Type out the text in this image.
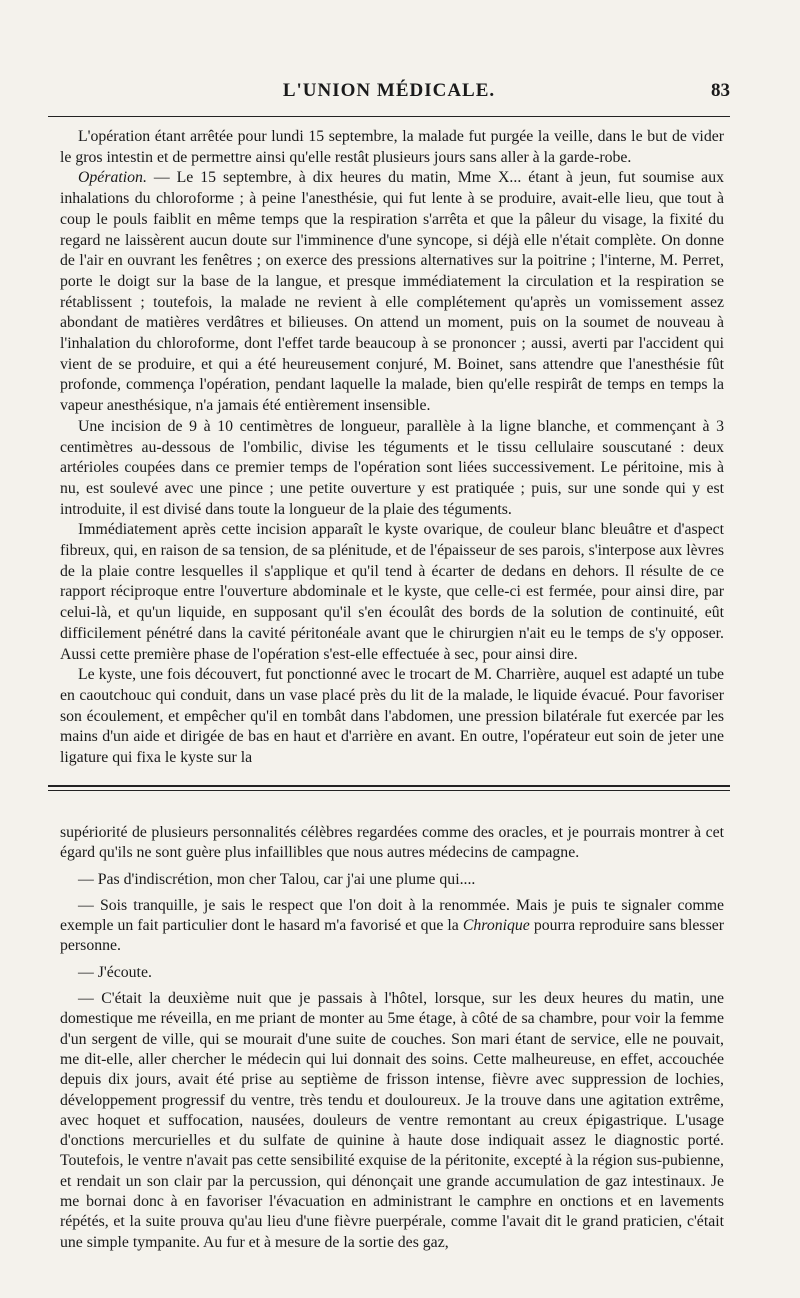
L'UNION MÉDICALE.	83

L'opération étant arrêtée pour lundi 15 septembre, la malade fut purgée la veille, dans le but de vider le gros intestin et de permettre ainsi qu'elle restât plusieurs jours sans aller à la garde-robe.

Opération. — Le 15 septembre, à dix heures du matin, Mme X... étant à jeun, fut soumise aux inhalations du chloroforme ; à peine l'anesthésie, qui fut lente à se produire, avait-elle lieu, que tout à coup le pouls faiblit en même temps que la respiration s'arrêta et que la pâleur du visage, la fixité du regard ne laissèrent aucun doute sur l'imminence d'une syncope, si déjà elle n'était complète. On donne de l'air en ouvrant les fenêtres ; on exerce des pressions alternatives sur la poitrine ; l'interne, M. Perret, porte le doigt sur la base de la langue, et presque immédiatement la circulation et la respiration se rétablissent ; toutefois, la malade ne revient à elle complétement qu'après un vomissement assez abondant de matières verdâtres et bilieuses. On attend un moment, puis on la soumet de nouveau à l'inhalation du chloroforme, dont l'effet tarde beaucoup à se prononcer ; aussi, averti par l'accident qui vient de se produire, et qui a été heureusement conjuré, M. Boinet, sans attendre que l'anesthésie fût profonde, commença l'opération, pendant laquelle la malade, bien qu'elle respirât de temps en temps la vapeur anesthésique, n'a jamais été entièrement insensible.

Une incision de 9 à 10 centimètres de longueur, parallèle à la ligne blanche, et commençant à 3 centimètres au-dessous de l'ombilic, divise les téguments et le tissu cellulaire souscutané : deux artérioles coupées dans ce premier temps de l'opération sont liées successivement. Le péritoine, mis à nu, est soulevé avec une pince ; une petite ouverture y est pratiquée ; puis, sur une sonde qui y est introduite, il est divisé dans toute la longueur de la plaie des téguments.

Immédiatement après cette incision apparaît le kyste ovarique, de couleur blanc bleuâtre et d'aspect fibreux, qui, en raison de sa tension, de sa plénitude, et de l'épaisseur de ses parois, s'interpose aux lèvres de la plaie contre lesquelles il s'applique et qu'il tend à écarter de dedans en dehors. Il résulte de ce rapport réciproque entre l'ouverture abdominale et le kyste, que celle-ci est fermée, pour ainsi dire, par celui-là, et qu'un liquide, en supposant qu'il s'en écoulât des bords de la solution de continuité, eût difficilement pénétré dans la cavité péritonéale avant que le chirurgien n'ait eu le temps de s'y opposer. Aussi cette première phase de l'opération s'est-elle effectuée à sec, pour ainsi dire.

Le kyste, une fois découvert, fut ponctionné avec le trocart de M. Charrière, auquel est adapté un tube en caoutchouc qui conduit, dans un vase placé près du lit de la malade, le liquide évacué. Pour favoriser son écoulement, et empêcher qu'il en tombât dans l'abdomen, une pression bilatérale fut exercée par les mains d'un aide et dirigée de bas en haut et d'arrière en avant. En outre, l'opérateur eut soin de jeter une ligature qui fixa le kyste sur la

supériorité de plusieurs personnalités célèbres regardées comme des oracles, et je pourrais montrer à cet égard qu'ils ne sont guère plus infaillibles que nous autres médecins de campagne.

— Pas d'indiscrétion, mon cher Talou, car j'ai une plume qui....

— Sois tranquille, je sais le respect que l'on doit à la renommée. Mais je puis te signaler comme exemple un fait particulier dont le hasard m'a favorisé et que la Chronique pourra reproduire sans blesser personne.

— J'écoute.

— C'était la deuxième nuit que je passais à l'hôtel, lorsque, sur les deux heures du matin, une domestique me réveilla, en me priant de monter au 5me étage, à côté de sa chambre, pour voir la femme d'un sergent de ville, qui se mourait d'une suite de couches. Son mari étant de service, elle ne pouvait, me dit-elle, aller chercher le médecin qui lui donnait des soins. Cette malheureuse, en effet, accouchée depuis dix jours, avait été prise au septième de frisson intense, fièvre avec suppression de lochies, développement progressif du ventre, très tendu et douloureux. Je la trouve dans une agitation extrême, avec hoquet et suffocation, nausées, douleurs de ventre remontant au creux épigastrique. L'usage d'onctions mercurielles et du sulfate de quinine à haute dose indiquait assez le diagnostic porté. Toutefois, le ventre n'avait pas cette sensibilité exquise de la péritonite, excepté à la région sus-pubienne, et rendait un son clair par la percussion, qui dénonçait une grande accumulation de gaz intestinaux. Je me bornai donc à en favoriser l'évacuation en administrant le camphre en onctions et en lavements répétés, et la suite prouva qu'au lieu d'une fièvre puerpérale, comme l'avait dit le grand praticien, c'était une simple tympanite. Au fur et à mesure de la sortie des gaz,
